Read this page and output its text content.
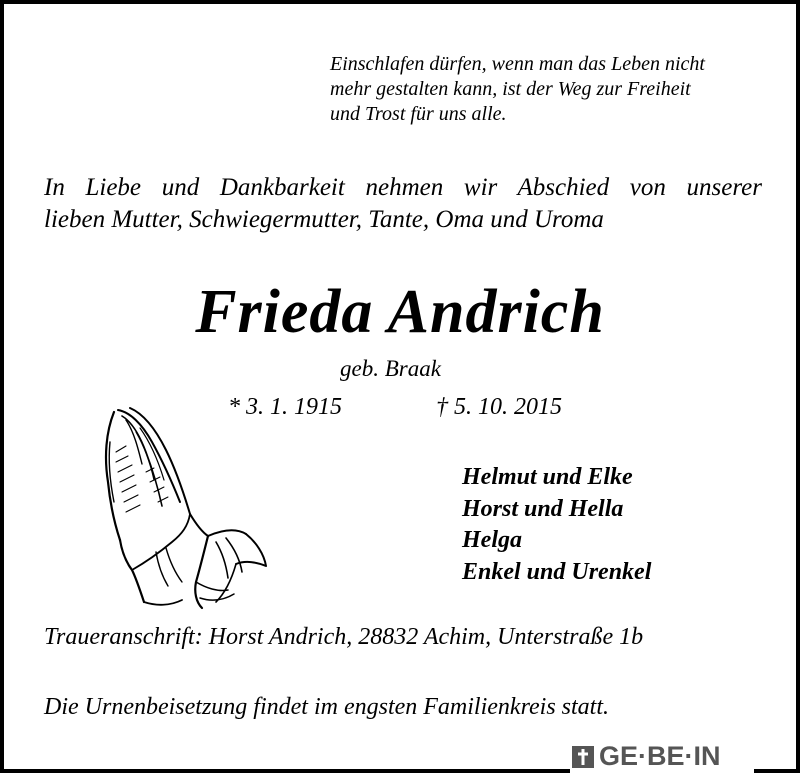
Einschlafen dürfen, wenn man das Leben nicht
mehr gestalten kann, ist der Weg zur Freiheit
und Trost für uns alle.
In Liebe und Dankbarkeit nehmen wir Abschied von unserer
lieben Mutter, Schwiegermutter, Tante, Oma und Uroma
Frieda Andrich
geb. Braak
* 3. 1. 1915	† 5. 10. 2015
Helmut und Elke
Horst und Hella
Helga
Enkel und Urenkel
Traueranschrift: Horst Andrich, 28832 Achim, Unterstraße 1b
Die Urnenbeisetzung findet im engsten Familienkreis statt.
GE·BE·IN
